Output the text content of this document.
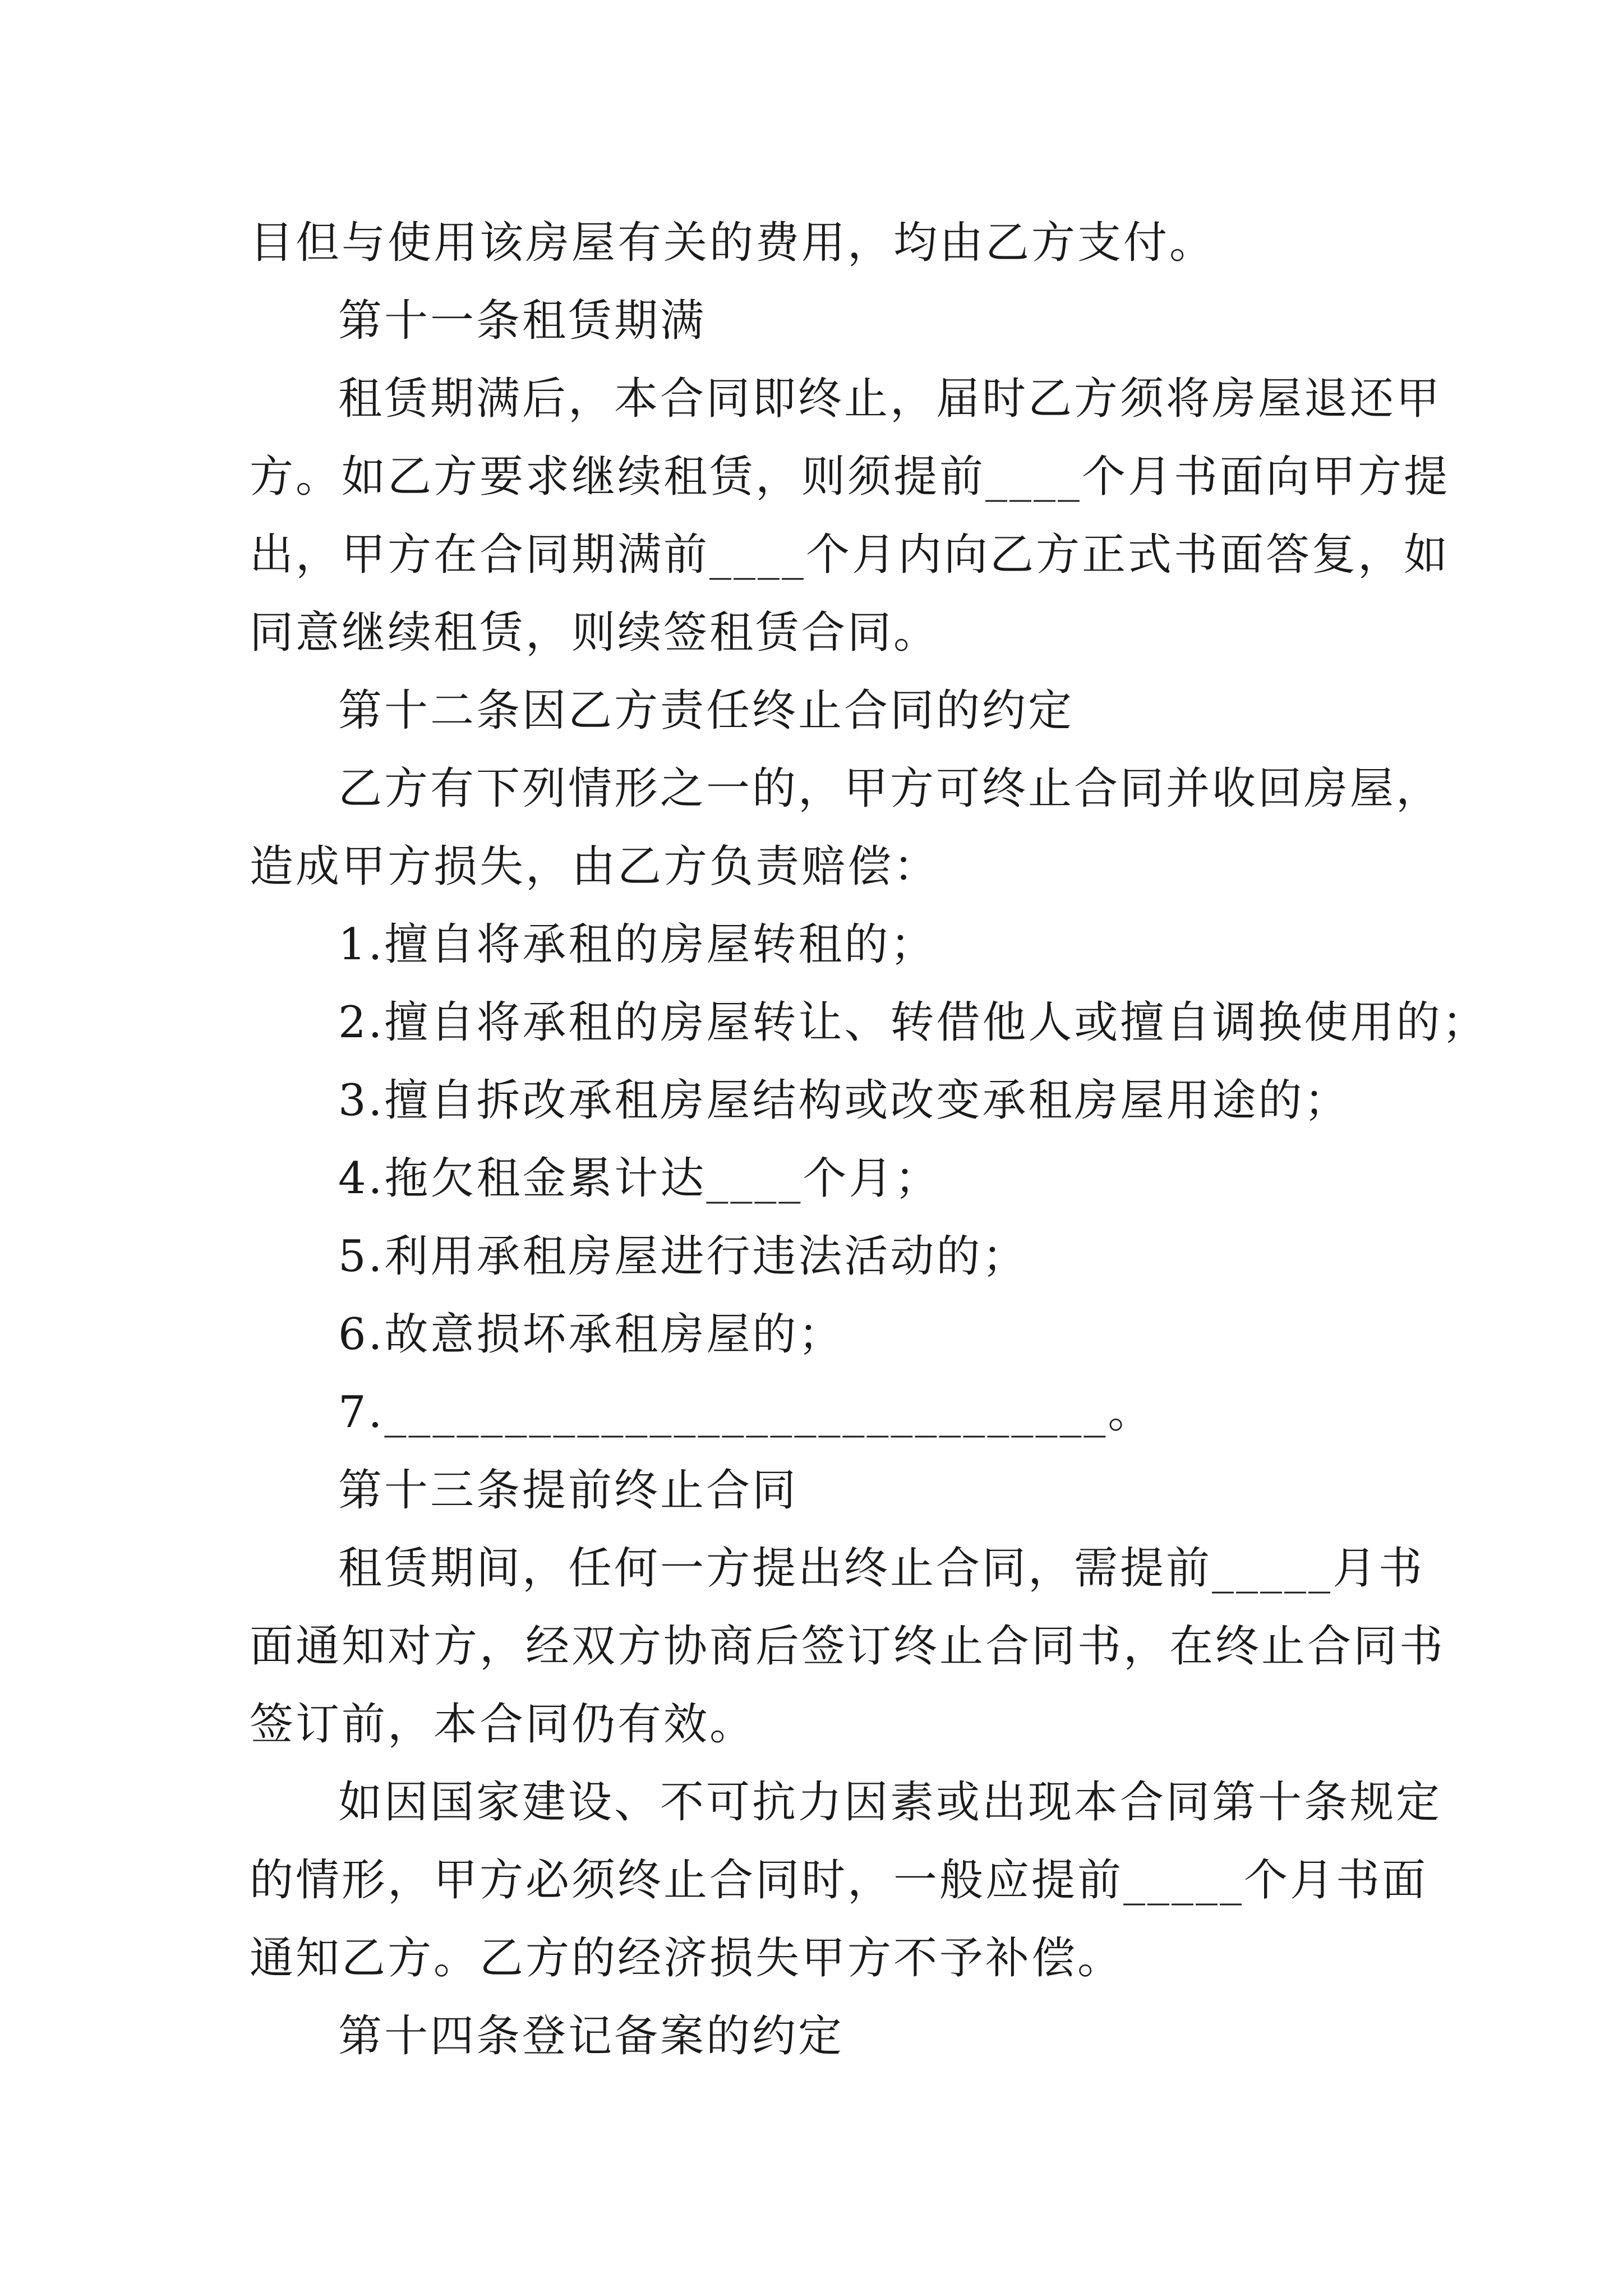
目但与使用该房屋有关的费用，均由乙方支付。
第十一条租赁期满
租赁期满后，本合同即终止，届时乙方须将房屋退还甲
方。如乙方要求继续租赁，则须提前____个月书面向甲方提
出，甲方在合同期满前____个月内向乙方正式书面答复，如
同意继续租赁，则续签租赁合同。
第十二条因乙方责任终止合同的约定
乙方有下列情形之一的，甲方可终止合同并收回房屋，
造成甲方损失，由乙方负责赔偿：
1.擅自将承租的房屋转租的；
2.擅自将承租的房屋转让、转借他人或擅自调换使用的；
3.擅自拆改承租房屋结构或改变承租房屋用途的；
4.拖欠租金累计达____个月；
5.利用承租房屋进行违法活动的；
6.故意损坏承租房屋的；
7.______________________________。
第十三条提前终止合同
租赁期间，任何一方提出终止合同，需提前_____月书
面通知对方，经双方协商后签订终止合同书，在终止合同书
签订前，本合同仍有效。
如因国家建设、不可抗力因素或出现本合同第十条规定
的情形，甲方必须终止合同时，一般应提前_____个月书面
通知乙方。乙方的经济损失甲方不予补偿。
第十四条登记备案的约定
